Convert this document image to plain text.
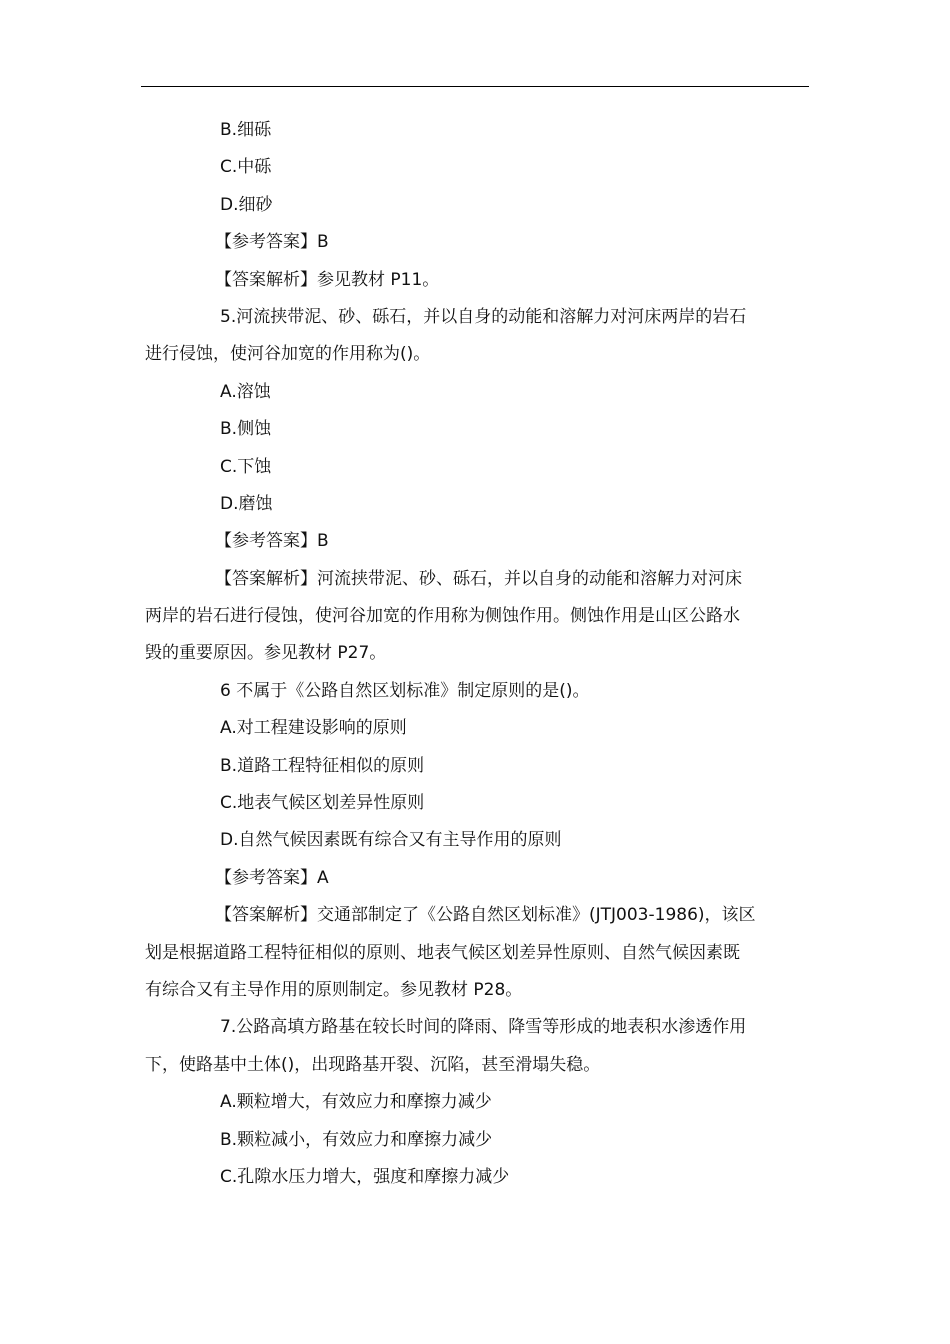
B.细砾
C.中砾
D.细砂
【参考答案】B
【答案解析】参见教材 P11。
5.河流挟带泥、砂、砾石，并以自身的动能和溶解力对河床两岸的岩石
进行侵蚀，使河谷加宽的作用称为()。
A.溶蚀
B.侧蚀
C.下蚀
D.磨蚀
【参考答案】B
【答案解析】河流挟带泥、砂、砾石，并以自身的动能和溶解力对河床
两岸的岩石进行侵蚀，使河谷加宽的作用称为侧蚀作用。侧蚀作用是山区公路水
毁的重要原因。参见教材 P27。
6 不属于《公路自然区划标准》制定原则的是()。
A.对工程建设影响的原则
B.道路工程特征相似的原则
C.地表气候区划差异性原则
D.自然气候因素既有综合又有主导作用的原则
【参考答案】A
【答案解析】交通部制定了《公路自然区划标准》(JTJ003-1986)，该区
划是根据道路工程特征相似的原则、地表气候区划差异性原则、自然气候因素既
有综合又有主导作用的原则制定。参见教材 P28。
7.公路高填方路基在较长时间的降雨、降雪等形成的地表积水渗透作用
下，使路基中土体()，出现路基开裂、沉陷，甚至滑塌失稳。
A.颗粒增大，有效应力和摩擦力减少
B.颗粒减小，有效应力和摩擦力减少
C.孔隙水压力增大，强度和摩擦力减少
